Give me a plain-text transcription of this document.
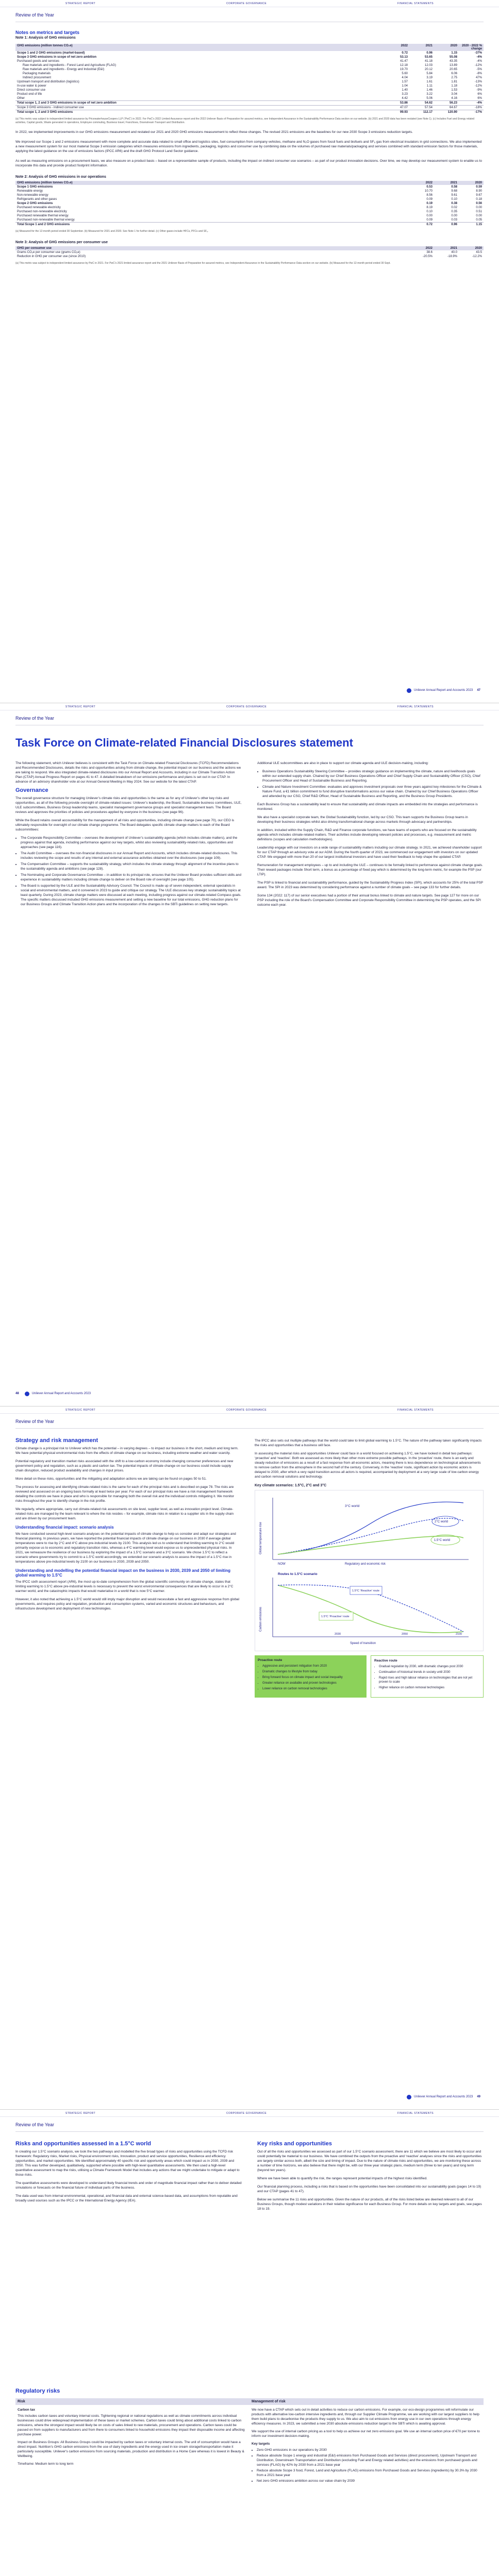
STRATEGIC REPORT	CORPORATE GOVERNANCE	FINANCIAL STATEMENTS
Review of the Year
Notes on metrics and targets
Note 1: Analysis of GHG emissions
GHG emissions (million tonnes CO₂e)	2022	2021	2020	2020 - 2022 % change
Scope 1 and 2 GHG emissions (market-based)	0.72	0.96	1.15	-37%
Scope 3 GHG emissions in scope of net zero ambition	53.13	53.65	55.08	-4%
Purchased goods and services	41.47	41.18	43.35	-4%
Raw materials and ingredients - Forest Land and Agriculture (FLAG)	12.18	12.03	13.89	-12%
Raw materials and ingredients - Energy and Industrial (E&I)	19.70	20.12	20.65	-5%
Packaging materials	5.60	5.84	6.06	-8%
Indirect procurement	4.04	3.19	2.75	47%
Upstream transport and distribution (logistics)	1.57	1.61	1.81	-13%
In-use water & power	1.04	1.11	1.18	-12%
Direct consumer use	1.40	1.46	1.53	-9%
Product end of life	3.23	3.22	3.04	6%
Other	4.42	5.06	4.16	6%
Total scope 1, 2 and 3 GHG emissions in scope of net zero ambition	53.86	54.62	56.23	-4%
Scope 3 GHG emissions - indirect consumer use	47.07	57.54	64.67	-18%
Total scope 1, 2 and 3 GHG emissions	99.93	112.17	120.90	-17%
(a) This metric was subject to independent limited assurance by PricewaterhouseCoopers LLP (‘PwC’) in 2022. For PwC’s 2022 Limited Assurance report and the 2022 Unilever Basis of Preparation for assured metrics, see Independent Assurance in the Sustainability Performance Data section on our website. (b) 2021 and 2020 data has been restated (see Note 1). (c) Includes Fuel and Energy related activities, Capital goods, Waste generated in operations, Employee commuting, Business travel, Franchises, Downstream Transport and Distribution.
In 2022, we implemented improvements in our GHG emissions measurement and restated our 2021 and 2020 GHG emissions measurement to reflect these changes. The revised 2021 emissions are the baselines for our new 2030 Scope 3 emissions reduction targets.
We improved our Scope 1 and 2 emissions measurement with more complete and accurate data related to small office and logistics sites, fuel consumption from company vehicles, methane and N₂O gases from fossil fuels and biofuels and SF₆ gas from electrical insulators in grid connections. We also implemented a new measurement system for our most material Scope 3 emission categories which measures emissions from ingredients, packaging, logistics and consumer use by combining data on the volumes of purchased raw materials/packaging and services combined with standard emission factors for those materials, applying the latest guidance on the use of emissions factors (IPCC AR6) and the draft GHG Protocol Land Sector guidance.
As well as measuring emissions on a procurement basis, we also measure on a product basis – based on a representative sample of products, including the impact on indirect consumer use scenarios – as part of our product innovation decisions. Over time, we may develop our measurement system to enable us to incorporate this data and provide product footprint information.
Note 2: Analysis of GHG emissions in our operations
GHG emissions (million tonnes CO₂e)	2022	2021	2020
Scope 1 GHG emissions	0.53	0.58	0.59
Renewable energy	10.70	9.68	8.90
Non-renewable energy	8.56	9.61	9.67
Refrigerants and other gases	0.09	0.10	0.18
Scope 2 GHG emissions	0.19	0.38	0.56
Purchased renewable electricity	8.19	0.02	0.00
Purchased non-renewable electricity	0.10	0.35	0.51
Purchased renewable thermal energy	0.00	0.00	0.00
Purchased non-renewable thermal energy	0.09	0.03	0.05
Total Scope 1 and 2 GHG emissions	0.72	0.96	1.15
(a) Measured for the 12-month period ended 30 September. (b) Measured for 2021 and 2020. See Note 1 for further detail. (c) Other gases include HFCs, PFCs and SF₆.
Note 3: Analysis of GHG emissions per consumer use
GHG per consumer use	2022	2021	2020
Grams CO₂e per consumer use (grams CO₂e)	38.6	40.0	43.5
Reduction in GHG per consumer use (since 2010)	-20.5%	-18.9%	-12.2%
(a) This metric was subject to independent limited assurance by PwC in 2021. For PwC’s 2021 limited assurance report and the 2021 Unilever Basis of Preparation for assured metrics, see Independent Assurance in the Sustainability Performance Data section on our website. (b) Measured for the 12-month period ended 30 Sept.
Unilever Annual Report and Accounts 2023 47
STRATEGIC REPORT	CORPORATE GOVERNANCE	FINANCIAL STATEMENTS
Review of the Year
Task Force on Climate-related Financial Disclosures statement

The following statement, which Unilever believes is consistent with the Task Force on Climate-related Financial Disclosures (TCFD) Recommendations and Recommended Disclosures, details the risks and opportunities arising from climate change, the potential impact on our business and the actions we are taking to respond. We also integrated climate-related disclosures into our Annual Report and Accounts, including in our Climate Transition Action Plan (CTAP) Annual Progress Report on pages 41 to 47. A detailed breakdown of our emissions performance and plans is set out in our CTAP. In advance of an advisory shareholder vote at our Annual General Meeting in May 2024. See our website for the latest CTAP.

Governance

The overall governance structure for managing Unilever’s climate risks and opportunities is the same as for any of Unilever’s other key risks and opportunities, as all of the following provide oversight of climate-related issues: Unilever’s leadership, the Board, Sustainable business committees, ULE, ULE subcommittees, Business Group leadership teams, specialist management governance groups and specialist management team. The Board reviews and approves the priorities of policies and procedures applied by everyone in the business (see page 96).

While the Board retains overall accountability for the management of all risks and opportunities, including climate change (see page 70), our CEO is ultimately responsible for oversight of our climate change programme. The Board delegates specific climate change matters to each of the Board subcommittees:

• The Corporate Responsibility Committee – oversees the development of Unilever’s sustainability agenda (which includes climate matters), and the progress against that agenda, including performance against our key targets, whilst also reviewing sustainability-related risks, opportunities and approaches (see page 116).
• The Audit Committee – oversees the non-financial disclosures in our Annual Report and Accounts, which includes climate-related disclosures. This includes reviewing the scope and results of any internal and external assurance activities obtained over the disclosures (see page 109).
• The Compensation Committee – supports the sustainability strategy, which includes the climate strategy through alignment of the incentive plans to the sustainability agenda and ambitions (see page 128).
• The Nominating and Corporate Governance Committee – in addition to its principal role, ensures that the Unilever Board provides sufficient skills and experience in sustainability matters including climate change to deliver on the Board role of oversight (see page 105).
• The Board is supported by the ULE and the Sustainability Advisory Council. The Council is made up of seven independent, external specialists in social and environmental matters, and it convened in 2023 to guide and critique our strategy. The ULE discusses key strategic sustainability topics at least quarterly. During 2023, climate change matters were discussed at each meeting, including progress against our climate-related Compass goals. The specific matters discussed included GHG emissions measurement and setting a new baseline for our total emissions, GHG reduction plans for our Business Groups and Climate Transition Action plans and the incorporation of the changes in the SBTi guidelines on setting new targets.

Additional ULE subcommittees are also in place to support our climate agenda and ULE decision-making, including:

• Business Operations Sustainability Steering Committee – provides strategic guidance on implementing the climate, nature and livelihoods goals within our extended supply chain. Chaired by our Chief Business Operations Officer and Chief Supply Chain and Sustainability Officer (CSO), Chief Procurement Officer and Head of Sustainable Business and Reporting.
• Climate and Nature Investment Committee: evaluates and approves investment proposals over three years against key milestones for the Climate & Nature Fund, a €1 billion commitment to fund disruptive transformations across our value chain. Chaired by our Chief Business Operations Officer and attended by our CSO, Chief R&D Officer, Head of Sustainable Business and Reporting, and the Business Group Presidents.

Each Business Group has a sustainability lead to ensure that sustainability and climate impacts are embedded into the strategies and performance is monitored.

We also have a specialist corporate team, the Global Sustainability function, led by our CSO. This team supports the Business Group teams in developing their business strategies whilst also driving transformational change across markets through advocacy and partnerships.

In addition, included within the Supply Chain, R&D and Finance corporate functions, we have teams of experts who are focused on the sustainability agenda which includes climate-related matters. Their activities include developing relevant policies and processes, e.g. measurement and metric definitions (scopes and calculation methodologies).

Leadership engage with our investors on a wide range of sustainability matters including our climate strategy. In 2021, we achieved shareholder support for our CTAP through an advisory vote at our AGM. During the fourth quarter of 2023, we commenced our engagement with investors on our updated CTAP. We engaged with more than 20 of our largest institutional investors and have used their feedback to help shape the updated CTAP.

Remuneration for management employees – up to and including the ULE – continues to be formally linked to performance against climate change goals. Their reward packages include Short term, a bonus as a percentage of fixed pay which is determined by the long-term metric, for example the PSP (our LTIP).

The PSP is linked to financial and sustainability performance, guided by the Sustainability Progress Index (SPI), which accounts for 25% of the total PSP award. The SPI in 2023 was determined by considering performance against a number of climate goals – see page 133 for further details.

Some 134 (2022: 117) of our senior executives had a portion of their annual bonus linked to climate and nature targets. See page 127 for more on our PSP including the role of the Board’s Compensation Committee and Corporate Responsibility Committee in determining the PSP operates, and the SPI outcome each year.

48	Unilever Annual Report and Accounts 2023
STRATEGIC REPORT	CORPORATE GOVERNANCE	FINANCIAL STATEMENTS
Review of the Year
Strategy and risk management

Climate change is a principal risk to Unilever which has the potential – in varying degrees – to impact our business in the short, medium and long term. We have potential physical environmental risks from the effects of climate change on our business, including extreme weather and water scarcity.

Potential regulatory and transition market risks associated with the shift to a low-carbon economy include changing consumer preferences and new government policy and regulation, such as a plastic and carbon tax. The potential impacts of climate change on our business could include supply chain disruption, reduced product availability and changes in input prices.

More detail on these risks, opportunities and the mitigating and adaptation actions we are taking can be found on pages 50 to 51.

The process for assessing and identifying climate-related risks is the same for each of the principal risks and is described on page 78. The risks are reviewed and assessed on an ongoing basis formally at least twice per year. For each of our principal risks we have a risk management framework detailing the controls we have in place and who is responsible for managing both the overall risk and the individual controls mitigating it. We monitor risks throughout the year to identify change in the risk profile.

We regularly, where appropriate, carry out climate-related risk assessments on site level, supplier level, as well as innovation project level. Climate-related risks are managed by the team relevant to where the risk resides – for example, climate risks in relation to a supplier sits in the supply chain and are driven by our procurement team.

Understanding financial impact: scenario analysis

We have conducted several high-level scenario analyses on the potential impacts of climate change to help us consider and adapt our strategies and financial planning. In previous years, we have reported the potential financial impacts of climate change on our business in 2030 if average global temperatures were to rise by 2°C and 4°C above pre-industrial levels by 2100. This analysis led us to understand that limiting warming to 2°C would primarily expose us to economic and regulatory transition risks, whereas a 4°C warming level would expose us to unprecedented physical risks. In 2021, we remeasure the resilience of our business by exploring the impact of a 1.5°C scenario and a 3°C scenario. We chose 1.5°C to reflect a scenario where governments try to commit to a 1.5°C world accordingly, we extended our scenario analysis to assess the impact of a 1.5°C rise in temperatures above pre-industrial levels by 2100 on our business in 2030, 2039 and 2050.

Understanding and modelling the potential financial impact on the business in 2030, 2039 and 2050 of limiting global warming to 1.5°C

The IPCC sixth assessment report (AR6), the most up-to-date comprehension from the global scientific community on climate change, states that limiting warming to 1.5°C above pre-industrial levels is necessary to prevent the worst environmental consequences that are likely to occur in a 2°C warmer world, and the catastrophic impacts that would materialise in a world that is now 5°C warmer.

However, it also noted that achieving a 1.5°C world would still imply major disruption and would necessitate a fast and aggressive response from global governments, and requires policy and regulation, production and consumption systems, varied and economic structures and behaviours, and infrastructure development and deployment of new technologies.

The IPCC also sets out multiple pathways that the world could take to limit global warming to 1.5°C. The nature of the pathway taken significantly impacts the risks and opportunities that a business will face.

In assessing the material risks and opportunities Unilever could face in a world focused on achieving 1.5°C, we have looked in detail two pathways: ‘proactive’ and ‘reactive’. Both we assessed as more likely than other more extreme possible pathways. In the ‘proactive’ route, there is an early and steady reduction of emissions as a result of a fast response from all economic actors, meaning there is less dependence on technological advancements to remove carbon from the atmosphere in the second half of the century. Conversely, in the ‘reactive’ route, significant action by economic actors is delayed to 2030, after which a very rapid transition across all actors is required, accompanied by deployment at a very large scale of low-carbon energy and carbon removal solutions and technology.

Key climate scenarios: 1.5°C, 2°C and 3°C
Global temperature rise
3°C world
2°C world
1.5°C world
NOW	Regulatory and economic risk
Routes to 1.5°C scenario
Carbon emissions
1.5°C ‘Reactive’ route
1.5°C ‘Proactive’ route
2030	2050	2100
Speed of transition
Proactive route
• Aggressive and persistent mitigation from 2020
• Dramatic changes to lifestyle from today
• Bring forward focus on climate impact and social inequality
• Greater reliance on available and proven technologies
• Lower reliance on carbon removal technologies
Reactive route
• Gradual regulation by 2030, with dramatic changes post 2030
• Continuation of historical trends in society until 2030
• Rapid rises and high labour reliance on technologies that are not yet proven to scale
• Higher reliance on carbon removal technologies
Unilever Annual Report and Accounts 2023 49
STRATEGIC REPORT	CORPORATE GOVERNANCE	FINANCIAL STATEMENTS
Review of the Year
Risks and opportunities assessed in a 1.5°C world

In creating our 1.5°C scenario analysis, we took the two pathways and modelled the five broad types of risks and opportunities using the TCFD risk framework: Regulatory risks, Market risks, Physical environment risks, Innovation, product and service opportunities, Resilience and efficiency opportunities, and market opportunities. We identified approximately 40 specific risk and opportunity areas which could impact us in 2030, 2039 and 2050. This was further developed, qualitatively, supported where possible with high-level quantitative assessments. We then used a high-level quantitative assessment to map the risks, utilising a Climate Framework Model that includes any actions that we might undertake to mitigate or adapt to those risks.

The quantitative assessments were developed to understand likely financial trends and order of magnitude financial impact rather than to deliver detailed simulations or forecasts on the financial future of individual parts of the business.

The data used was from internal environmental, operational, and financial data and external science-based data, and assumptions from reputable and broadly used sources such as the IPCC or the International Energy Agency (IEA).

Key risks and opportunities

Out of all the risks and opportunities we assessed as part of our 1.5°C scenario assessment, there are 11 which we believe are most likely to occur and could potentially be material to our business. We have combined the outputs from the proactive and ‘reactive’ analyses since the risks and opportunities are largely similar across both, albeit the size and timing of impact. Due to the nature of climate risks and opportunities, we are monitoring these across a number of time horizons, we also believe that there might be, with our three year strategic plans, medium term (three to ten years) and long term (beyond ten years).

Where we have been able to quantify the risk, the ranges represent potential impacts of the highest risks identified.

Our financial planning process, including a risks that is based on the opportunities have been consolidated into our sustainability goals (pages 14 to 19) and our CTAP (pages 41 to 47).

Below we summarise the 11 risks and opportunities. Given the nature of our products, all of the risks listed below are deemed relevant to all of our Business Groups, though modest variations in their relative significance for each Business Group. For more details on key targets and goals, see pages 18 to 19.

Regulatory risks
Risk
Carbon tax

This includes carbon taxes and voluntary internal costs. Tightening regional or national regulations as well as climate commitments across individual businesses could drive widespread implementation of these taxes or market schemes. Carbon taxes could bring about additional costs linked to carbon emissions, where the strongest impact would likely be on costs of sales linked to raw materials, procurement and operations. Carbon taxes could be passed on from suppliers to manufacturers and from there to consumers linked to household emissions they impact their disposable income and affecting purchase power.

Impact on Business Groups: All Business Groups could be impacted by carbon taxes or voluntary internal costs. The unit of consumption would have a direct impact. Nutrition's GHG carbon emissions from the use of dairy ingredients and the energy used in ice cream storage/transportation make it particularly susceptible. Unilever's carbon emissions from sourcing materials, production and distribution in a Home Care whereas it is lowest in Beauty & Wellbeing.

Timeframe: Medium term to long term

Management of risk

We now have a CTAP which sets out in detail activities to reduce our carbon emissions. For example, our eco-design programmes will reformulate our products with alternative low-carbon intensive ingredients and, through our Supplier Climate Programme, we are working with our largest suppliers to help them build plans to decarbonise the products they supply to us. We also aim to cut emissions from energy use in our own operations through energy efficiency measures. In 2023, we submitted a new 2030 absolute emissions reduction target to the SBTi which is awaiting approval.

We support the use of internal carbon pricing as a tool to help us achieve our net zero emissions goal. We use an internal carbon price of €70 per tonne to inform our investment decision-making.

Key targets
• Zero GHG emissions in our operations by 2030
• Reduce absolute Scope 1 energy and industrial (E&I) emissions from Purchased Goods and Services (direct procurement), Upstream Transport and Distribution, Downstream Transportation and Distribution (excluding Fuel and Energy related activities) and the emissions from purchased goods and services (FLAG) by 42% by 2030 from a 2021 base year
• Reduce absolute Scope 3 food, Forest, Land and Agriculture (FLAG) emissions from Purchased Goods and Services (ingredients) by 30.3% by 2030 from a 2021 base year
• Net zero GHG emissions ambition across our value chain by 2039
